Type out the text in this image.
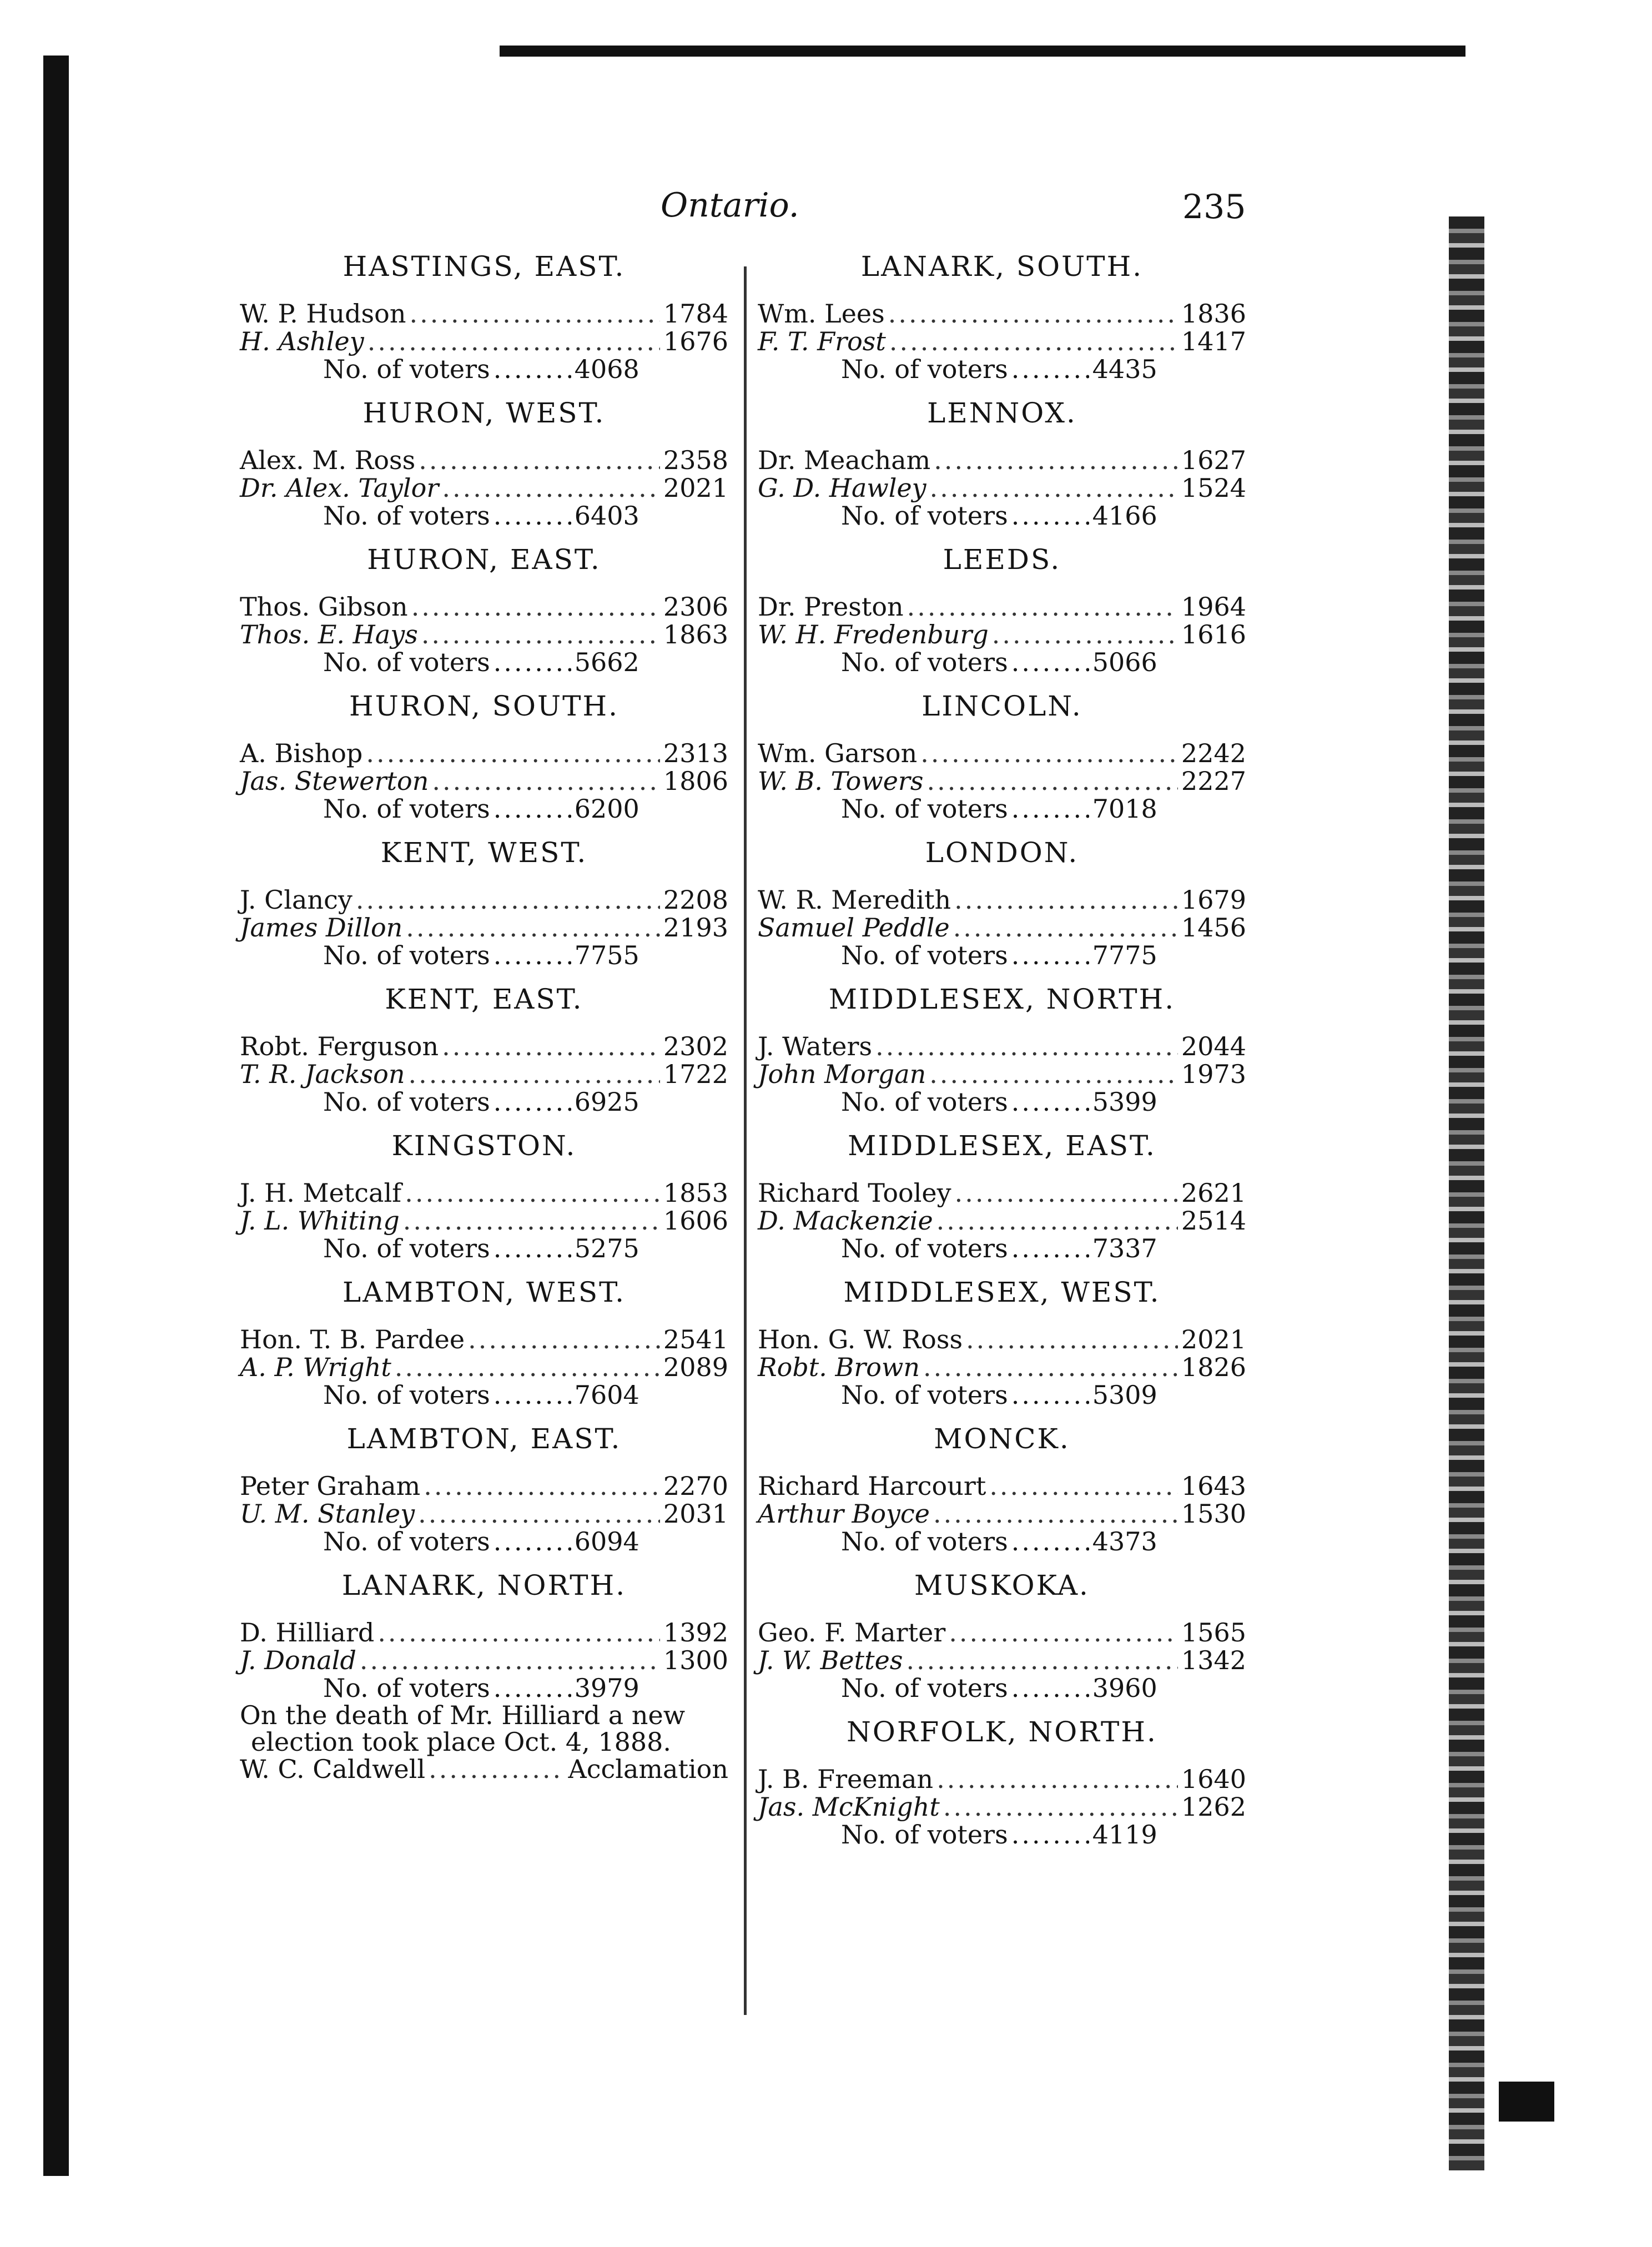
Ontario.	235
HASTINGS, EAST.
W. P. Hudson .....	1784
H. Ashley .....	1676
No. of voters .....	4068
HURON, WEST.
Alex. M. Ross .....	2358
Dr. Alex. Taylor .....	2021
No. of voters .....	6403
HURON, EAST.
Thos. Gibson .....	2306
Thos. E. Hays .....	1863
No. of voters .....	5662
HURON, SOUTH.
A. Bishop .....	2313
Jas. Stewerton .....	1806
No. of voters .....	6200
KENT, WEST.
J. Clancy .....	2208
James Dillon .....	2193
No. of voters .....	7755
KENT, EAST.
Robt. Ferguson .....	2302
T. R. Jackson .....	1722
No. of voters .....	6925
KINGSTON.
J. H. Metcalf .....	1853
J. L. Whiting .....	1606
No. of voters .....	5275
LAMBTON, WEST.
Hon. T. B. Pardee .....	2541
A. P. Wright .....	2089
No. of voters .....	7604
LAMBTON, EAST.
Peter Graham .....	2270
U. M. Stanley .....	2031
No. of voters .....	6094
LANARK, NORTH.
D. Hilliard .....	1392
J. Donald .....	1300
No. of voters .....	3979
On the death of Mr. Hilliard a new election took place Oct. 4, 1888.
W. C. Caldwell .....	Acclamation
LANARK, SOUTH.
Wm. Lees .....	1836
F. T. Frost .....	1417
No. of voters .....	4435
LENNOX.
Dr. Meacham .....	1627
G. D. Hawley .....	1524
No. of voters .....	4166
LEEDS.
Dr. Preston .....	1964
W. H. Fredenburg .....	1616
No. of voters .....	5066
LINCOLN.
Wm. Garson .....	2242
W. B. Towers .....	2227
No. of voters .....	7018
LONDON.
W. R. Meredith .....	1679
Samuel Peddle .....	1456
No. of voters .....	7775
MIDDLESEX, NORTH.
J. Waters .....	2044
John Morgan .....	1973
No. of voters .....	5399
MIDDLESEX, EAST.
Richard Tooley .....	2621
D. Mackenzie .....	2514
No. of voters .....	7337
MIDDLESEX, WEST.
Hon. G. W. Ross .....	2021
Robt. Brown .....	1826
No. of voters .....	5309
MONCK.
Richard Harcourt .....	1643
Arthur Boyce .....	1530
No. of voters .....	4373
MUSKOKA.
Geo. F. Marter .....	1565
J. W. Bettes .....	1342
No. of voters .....	3960
NORFOLK, NORTH.
J. B. Freeman .....	1640
Jas. McKnight .....	1262
No. of voters .....	4119
